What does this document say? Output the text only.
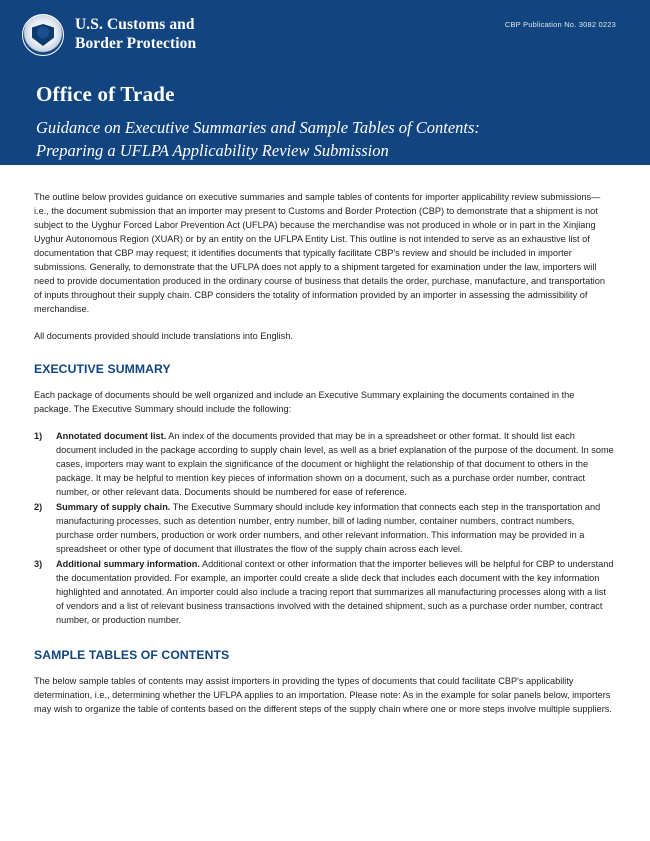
U.S. Customs and
Border Protection
CBP Publication No. 3082 0223
Office of Trade
Guidance on Executive Summaries and Sample Tables of Contents:
Preparing a UFLPA Applicability Review Submission

The outline below provides guidance on executive summaries and sample tables of contents for importer applicability review submissions—i.e., the document submission that an importer may present to Customs and Border Protection (CBP) to demonstrate that a shipment is not subject to the Uyghur Forced Labor Prevention Act (UFLPA) because the merchandise was not produced in whole or in part in the Xinjiang Uyghur Autonomous Region (XUAR) or by an entity on the UFLPA Entity List. This outline is not intended to serve as an exhaustive list of documentation that CBP may request; it identifies documents that typically facilitate CBP's review and should be included in importer submissions. Generally, to demonstrate that the UFLPA does not apply to a shipment targeted for examination under the law, importers will need to provide documentation produced in the ordinary course of business that details the order, purchase, manufacture, and transportation of inputs throughout their supply chain. CBP considers the totality of information provided by an importer in assessing the admissibility of merchandise.

All documents provided should include translations into English.

EXECUTIVE SUMMARY

Each package of documents should be well organized and include an Executive Summary explaining the documents contained in the package. The Executive Summary should include the following:

1) Annotated document list. An index of the documents provided that may be in a spreadsheet or other format. It should list each document included in the package according to supply chain level, as well as a brief explanation of the purpose of the document. In some cases, importers may want to explain the significance of the document or highlight the relationship of that document to others in the package. It may be helpful to mention key pieces of information shown on a document, such as a purchase order number, contract number, or other relevant data. Documents should be numbered for ease of reference.
2) Summary of supply chain. The Executive Summary should include key information that connects each step in the transportation and manufacturing processes, such as detention number, entry number, bill of lading number, container numbers, contract numbers, purchase order numbers, production or work order numbers, and other relevant information. This information may be provided in a spreadsheet or other type of document that illustrates the flow of the supply chain across each level.
3) Additional summary information. Additional context or other information that the importer believes will be helpful for CBP to understand the documentation provided. For example, an importer could create a slide deck that includes each document with the key information highlighted and annotated. An importer could also include a tracing report that summarizes all manufacturing processes along with a list of vendors and a list of relevant business transactions involved with the detained shipment, such as a purchase order number, contract number, or production number.
SAMPLE TABLES OF CONTENTS

The below sample tables of contents may assist importers in providing the types of documents that could facilitate CBP's applicability determination, i.e., determining whether the UFLPA applies to an importation. Please note: As in the example for solar panels below, importers may wish to organize the table of contents based on the different steps of the supply chain where one or more steps involve multiple suppliers.
